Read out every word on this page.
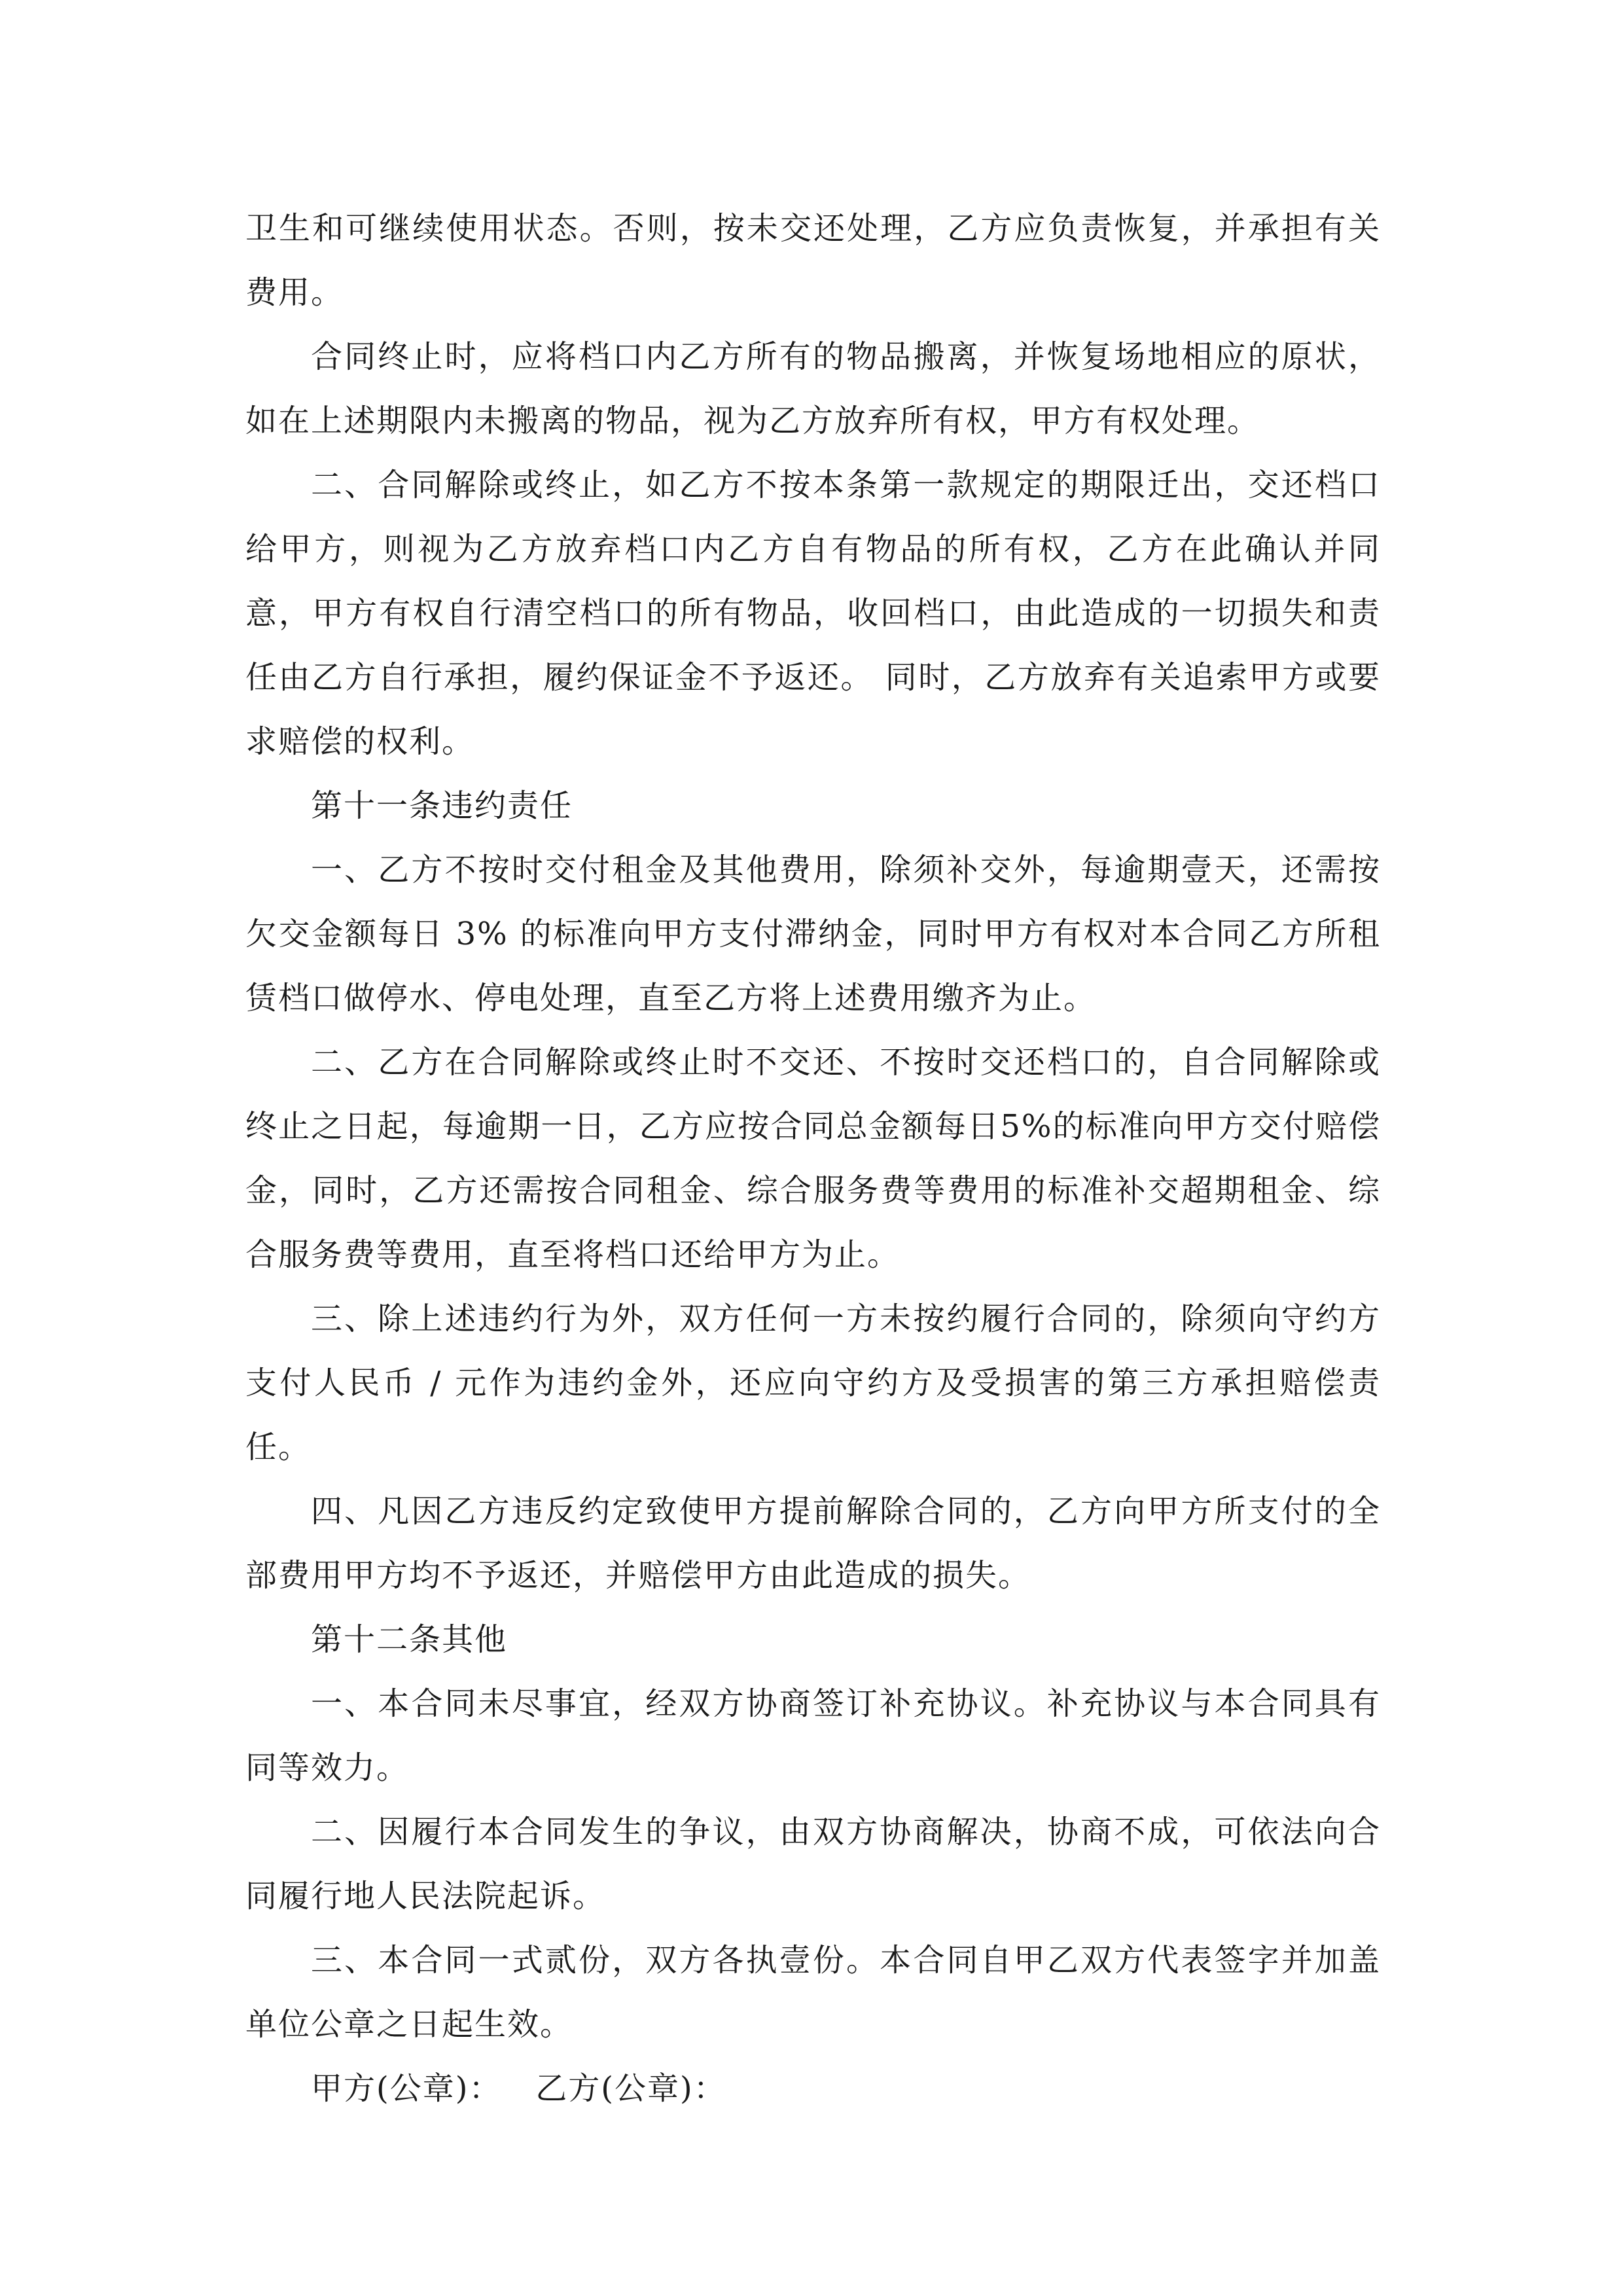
卫生和可继续使用状态。否则，按未交还处理，乙方应负责恢复，并承担有关费用。

合同终止时，应将档口内乙方所有的物品搬离，并恢复场地相应的原状，如在上述期限内未搬离的物品，视为乙方放弃所有权，甲方有权处理。

二、合同解除或终止，如乙方不按本条第一款规定的期限迁出，交还档口给甲方，则视为乙方放弃档口内乙方自有物品的所有权，乙方在此确认并同意，甲方有权自行清空档口的所有物品，收回档口，由此造成的一切损失和责任由乙方自行承担，履约保证金不予返还。 同时，乙方放弃有关追索甲方或要求赔偿的权利。

第十一条违约责任

一、乙方不按时交付租金及其他费用，除须补交外，每逾期壹天，还需按欠交金额每日 3% 的标准向甲方支付滞纳金，同时甲方有权对本合同乙方所租赁档口做停水、停电处理，直至乙方将上述费用缴齐为止。

二、乙方在合同解除或终止时不交还、不按时交还档口的，自合同解除或终止之日起，每逾期一日，乙方应按合同总金额每日5%的标准向甲方交付赔偿金，同时，乙方还需按合同租金、综合服务费等费用的标准补交超期租金、综合服务费等费用，直至将档口还给甲方为止。

三、除上述违约行为外，双方任何一方未按约履行合同的，除须向守约方支付人民币 / 元作为违约金外，还应向守约方及受损害的第三方承担赔偿责任。

四、凡因乙方违反约定致使甲方提前解除合同的，乙方向甲方所支付的全部费用甲方均不予返还，并赔偿甲方由此造成的损失。

第十二条其他

一、本合同未尽事宜，经双方协商签订补充协议。补充协议与本合同具有同等效力。

二、因履行本合同发生的争议，由双方协商解决，协商不成，可依法向合同履行地人民法院起诉。

三、本合同一式贰份，双方各执壹份。本合同自甲乙双方代表签字并加盖单位公章之日起生效。

甲方(公章)： 乙方(公章)：
